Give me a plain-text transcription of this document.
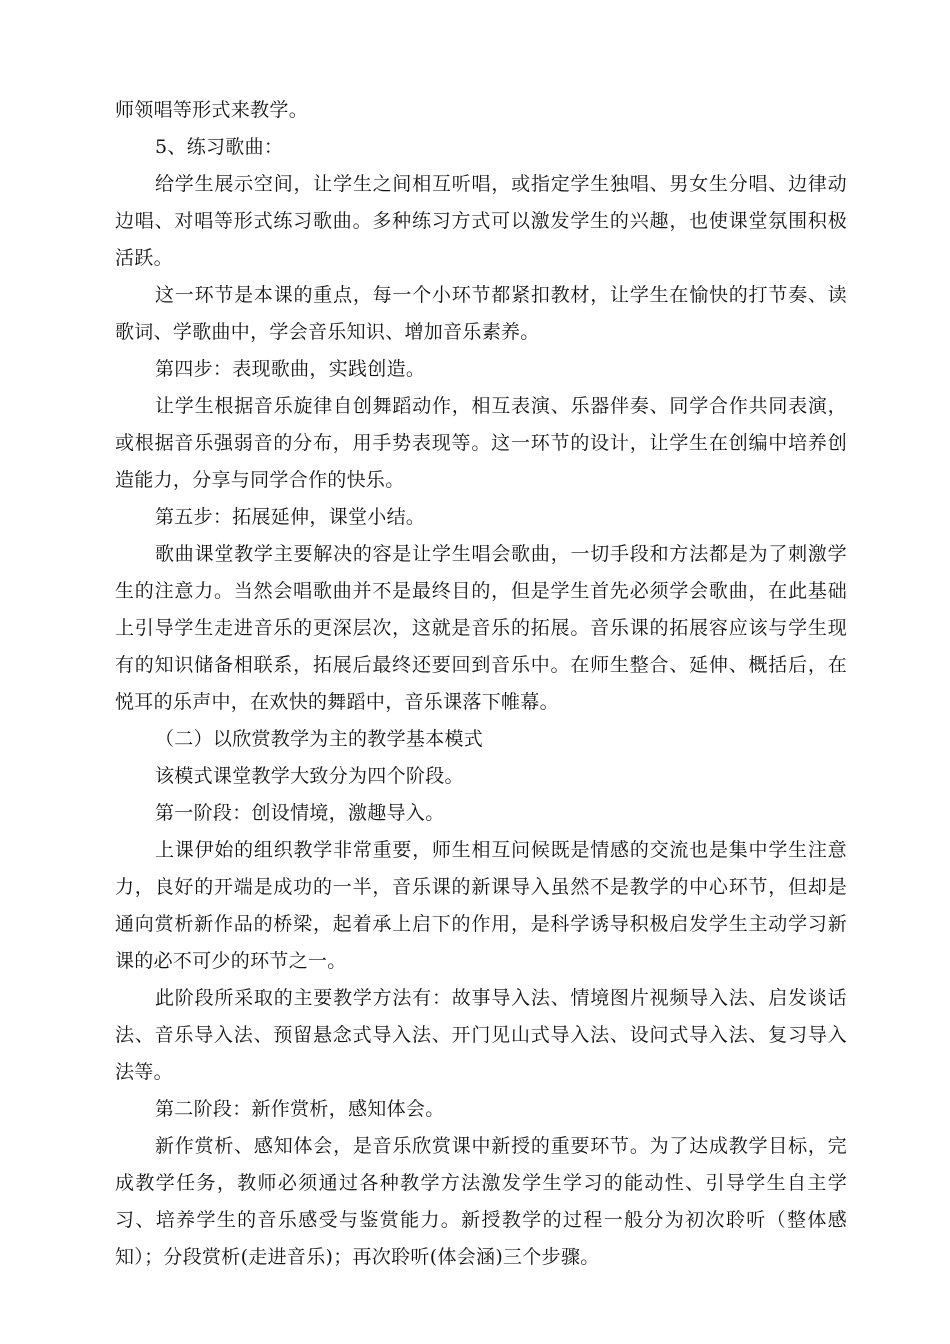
师领唱等形式来教学。

5、练习歌曲：

给学生展示空间，让学生之间相互听唱，或指定学生独唱、男女生分唱、边律动边唱、对唱等形式练习歌曲。多种练习方式可以激发学生的兴趣，也使课堂氛围积极活跃。

这一环节是本课的重点，每一个小环节都紧扣教材，让学生在愉快的打节奏、读歌词、学歌曲中，学会音乐知识、增加音乐素养。

第四步：表现歌曲，实践创造。

让学生根据音乐旋律自创舞蹈动作，相互表演、乐器伴奏、同学合作共同表演，或根据音乐强弱音的分布，用手势表现等。这一环节的设计，让学生在创编中培养创造能力，分享与同学合作的快乐。

第五步：拓展延伸，课堂小结。

歌曲课堂教学主要解决的容是让学生唱会歌曲，一切手段和方法都是为了刺激学生的注意力。当然会唱歌曲并不是最终目的，但是学生首先必须学会歌曲，在此基础上引导学生走进音乐的更深层次，这就是音乐的拓展。音乐课的拓展容应该与学生现有的知识储备相联系，拓展后最终还要回到音乐中。在师生整合、延伸、概括后，在悦耳的乐声中，在欢快的舞蹈中，音乐课落下帷幕。

（二）以欣赏教学为主的教学基本模式

该模式课堂教学大致分为四个阶段。

第一阶段：创设情境，激趣导入。

上课伊始的组织教学非常重要，师生相互问候既是情感的交流也是集中学生注意力，良好的开端是成功的一半，音乐课的新课导入虽然不是教学的中心环节，但却是通向赏析新作品的桥梁，起着承上启下的作用，是科学诱导积极启发学生主动学习新课的必不可少的环节之一。

此阶段所采取的主要教学方法有：故事导入法、情境图片视频导入法、启发谈话法、音乐导入法、预留悬念式导入法、开门见山式导入法、设问式导入法、复习导入法等。

第二阶段：新作赏析，感知体会。

新作赏析、感知体会，是音乐欣赏课中新授的重要环节。为了达成教学目标，完成教学任务，教师必须通过各种教学方法激发学生学习的能动性、引导学生自主学习、培养学生的音乐感受与鉴赏能力。新授教学的过程一般分为初次聆听（整体感知）；分段赏析(走进音乐)；再次聆听(体会涵)三个步骤。
